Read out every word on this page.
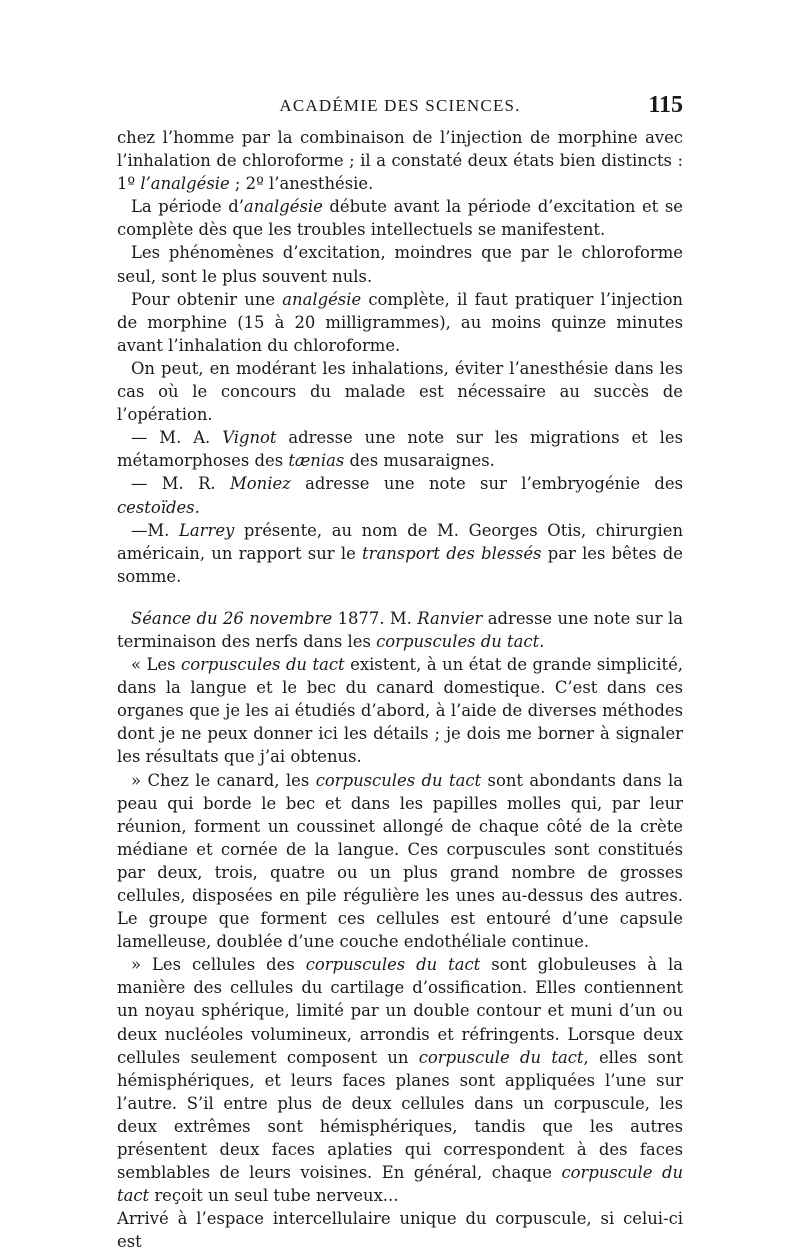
ACADÉMIE DES SCIENCES.	115

chez l’homme par la combinaison de l’injection de morphine avec l’inhalation de chloroforme ; il a constaté deux états bien distincts : 1º l’analgésie ; 2º l’anesthésie.

La période d’analgésie débute avant la période d’excitation et se complète dès que les troubles intellectuels se manifestent.

Les phénomènes d’excitation, moindres que par le chloroforme seul, sont le plus souvent nuls.

Pour obtenir une analgésie complète, il faut pratiquer l’injection de morphine (15 à 20 milligrammes), au moins quinze minutes avant l’inhalation du chloroforme.

On peut, en modérant les inhalations, éviter l’anesthésie dans les cas où le concours du malade est nécessaire au succès de l’opération.

— M. A. Vignot adresse une note sur les migrations et les métamorphoses des tænias des musaraignes.

— M. R. Moniez adresse une note sur l’embryogénie des cestoïdes.

—M. Larrey présente, au nom de M. Georges Otis, chirurgien américain, un rapport sur le transport des blessés par les bêtes de somme.

Séance du 26 novembre 1877. M. Ranvier adresse une note sur la terminaison des nerfs dans les corpuscules du tact.

« Les corpuscules du tact existent, à un état de grande simplicité, dans la langue et le bec du canard domestique. C’est dans ces organes que je les ai étudiés d’abord, à l’aide de diverses méthodes dont je ne peux donner ici les détails ; je dois me borner à signaler les résultats que j’ai obtenus.

» Chez le canard, les corpuscules du tact sont abondants dans la peau qui borde le bec et dans les papilles molles qui, par leur réunion, forment un coussinet allongé de chaque côté de la crète médiane et cornée de la langue. Ces corpuscules sont constitués par deux, trois, quatre ou un plus grand nombre de grosses cellules, disposées en pile régulière les unes au-dessus des autres. Le groupe que forment ces cellules est entouré d’une capsule lamelleuse, doublée d’une couche endothéliale continue.

» Les cellules des corpuscules du tact sont globuleuses à la manière des cellules du cartilage d’ossification. Elles contiennent un noyau sphérique, limité par un double contour et muni d’un ou deux nucléoles volumineux, arrondis et réfringents. Lorsque deux cellules seulement composent un corpuscule du tact, elles sont hémisphériques, et leurs faces planes sont appliquées l’une sur l’autre. S’il entre plus de deux cellules dans un corpuscule, les deux extrêmes sont hémisphériques, tandis que les autres présentent deux faces aplaties qui correspondent à des faces semblables de leurs voisines. En général, chaque corpuscule du tact reçoit un seul tube nerveux...

Arrivé à l’espace intercellulaire unique du corpuscule, si celui-ci est
